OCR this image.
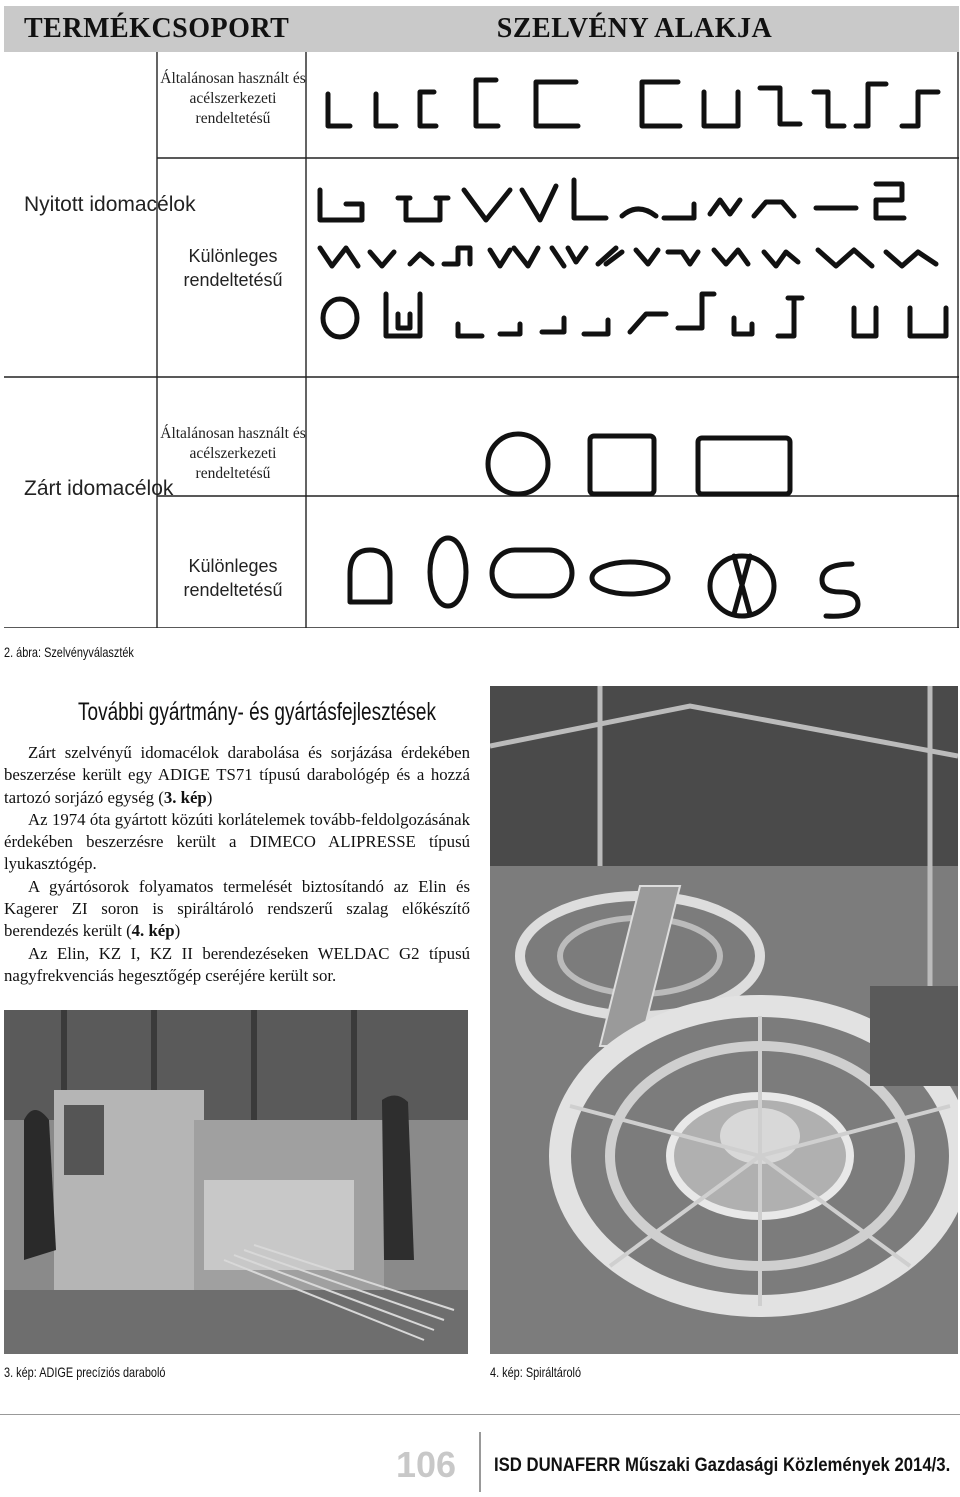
TERMÉKCSOPORT	SZELVÉNY ALAKJA
Nyitott idomacélok
Zárt idomacélok
Általánosan használt és acélszerkezeti rendeltetésű
Különleges rendeltetésű
Általánosan használt és acélszerkezeti rendeltetésű
Különleges rendeltetésű
2. ábra: Szelvényválaszték
További gyártmány- és gyártásfejlesztések

Zárt szelvényű idomacélok darabolása és sorjázása érdekében beszerzése került egy ADIGE TS71 típusú darabológép és a hozzá tartozó sorjázó egység (3. kép)

Az 1974 óta gyártott közúti korlátelemek tovább-feldolgozásának érdekében beszerzésre került a DIMECO ALIPRESSE típusú lyukasztógép.

A gyártósorok folyamatos termelését biztosítandó az Elin és Kagerer ZI soron is spiráltároló rendszerű szalag előkészítő berendezés került (4. kép)

Az Elin, KZ I, KZ II berendezéseken WELDAC G2 típusú nagyfrekvenciás hegesztőgép cseréjére került sor.

3. kép: ADIGE precíziós daraboló	4. kép: Spiráltároló
106 ISD DUNAFERR Műszaki Gazdasági Közlemények 2014/3.
